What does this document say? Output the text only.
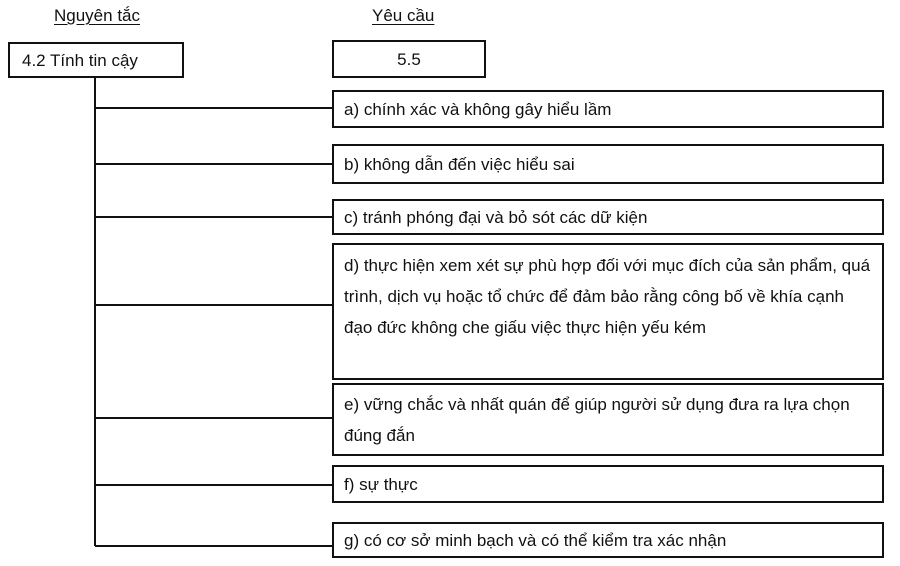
Nguyên tắc	Yêu cầu
4.2 Tính tin cậy	5.5
a) chính xác và không gây hiểu lầm
b) không dẫn đến việc hiểu sai
c) tránh phóng đại và bỏ sót các dữ kiện
d) thực hiện xem xét sự phù hợp đối với mục đích của sản phẩm, quá trình, dịch vụ hoặc tổ chức để đảm bảo rằng công bố về khía cạnh đạo đức không che giấu việc thực hiện yếu kém
e) vững chắc và nhất quán để giúp người sử dụng đưa ra lựa chọn đúng đắn
f) sự thực
g) có cơ sở minh bạch và có thể kiểm tra xác nhận
